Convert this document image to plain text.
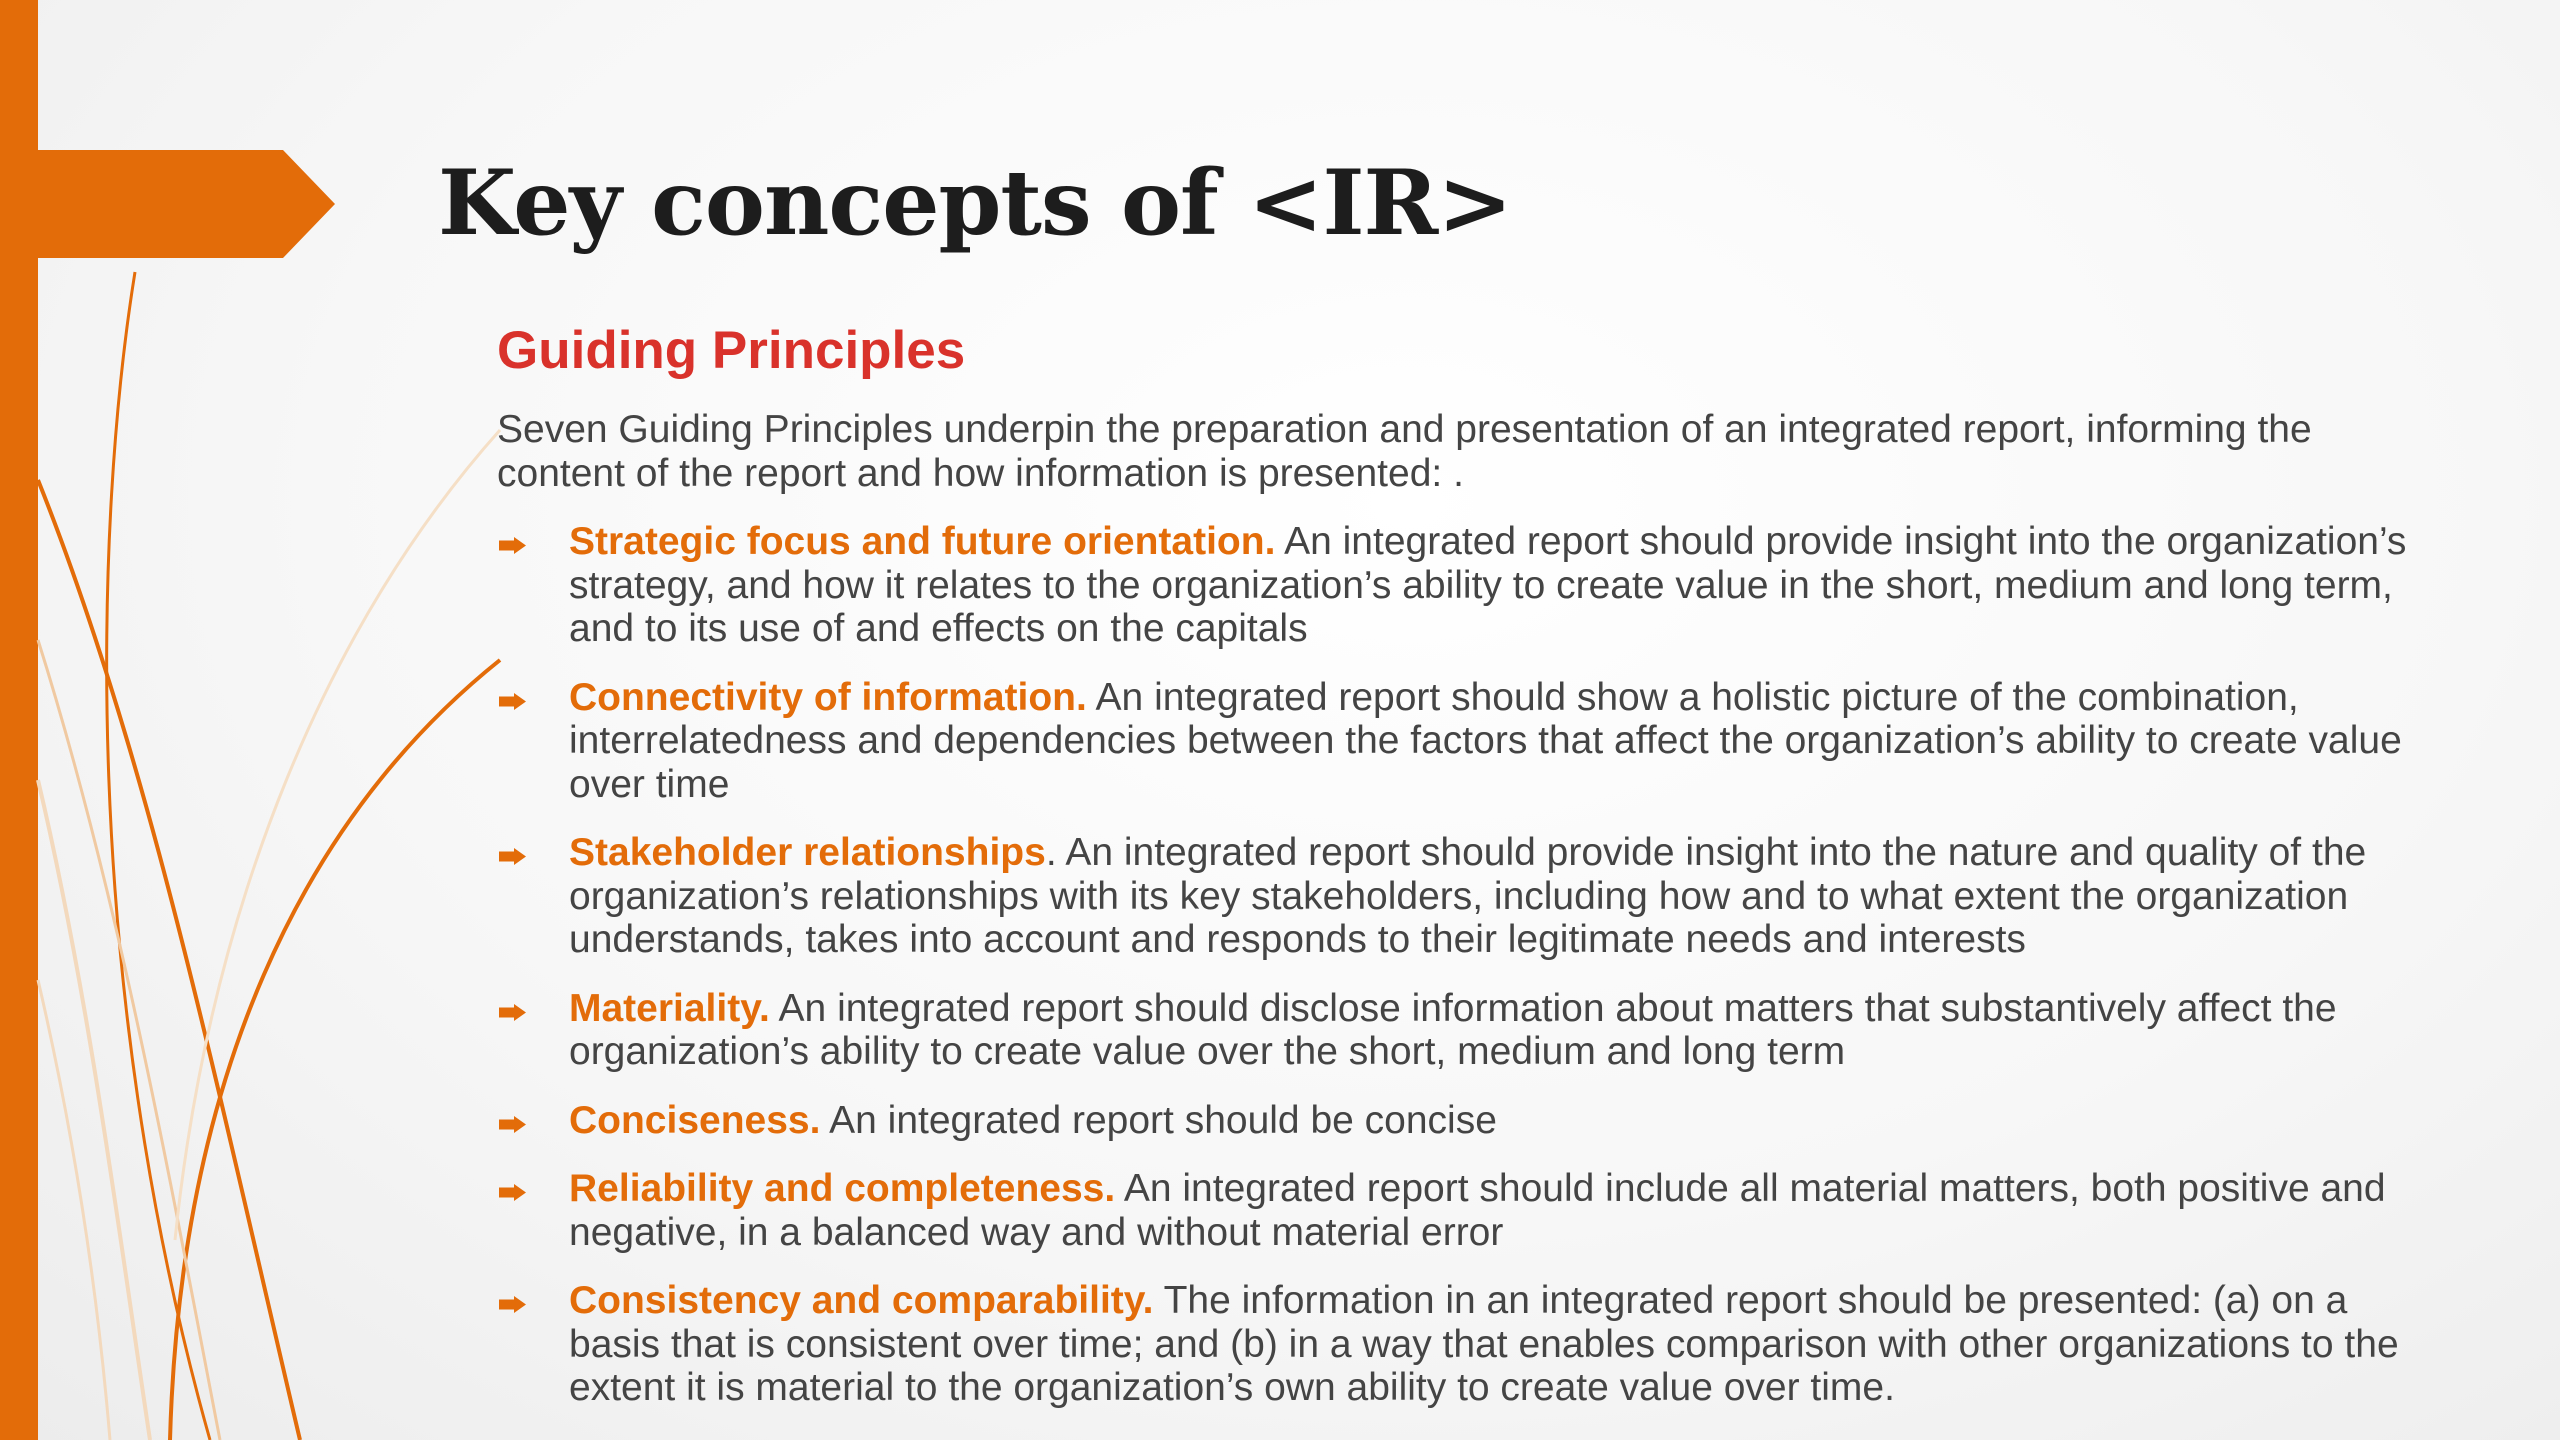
Key concepts of <IR>
Guiding Principles

Seven Guiding Principles underpin the preparation and presentation of an integrated report, informing the content of the report and how information is presented: .

Strategic focus and future orientation. An integrated report should provide insight into the organization’s strategy, and how it relates to the organization’s ability to create value in the short, medium and long term, and to its use of and effects on the capitals
Connectivity of information. An integrated report should show a holistic picture of the combination, interrelatedness and dependencies between the factors that affect the organization’s ability to create value over time
Stakeholder relationships. An integrated report should provide insight into the nature and quality of the organization’s relationships with its key stakeholders, including how and to what extent the organization understands, takes into account and responds to their legitimate needs and interests
Materiality. An integrated report should disclose information about matters that substantively affect the organization’s ability to create value over the short, medium and long term
Conciseness. An integrated report should be concise
Reliability and completeness. An integrated report should include all material matters, both positive and negative, in a balanced way and without material error
Consistency and comparability. The information in an integrated report should be presented: (a) on a basis that is consistent over time; and (b) in a way that enables comparison with other organizations to the extent it is material to the organization’s own ability to create value over time.
